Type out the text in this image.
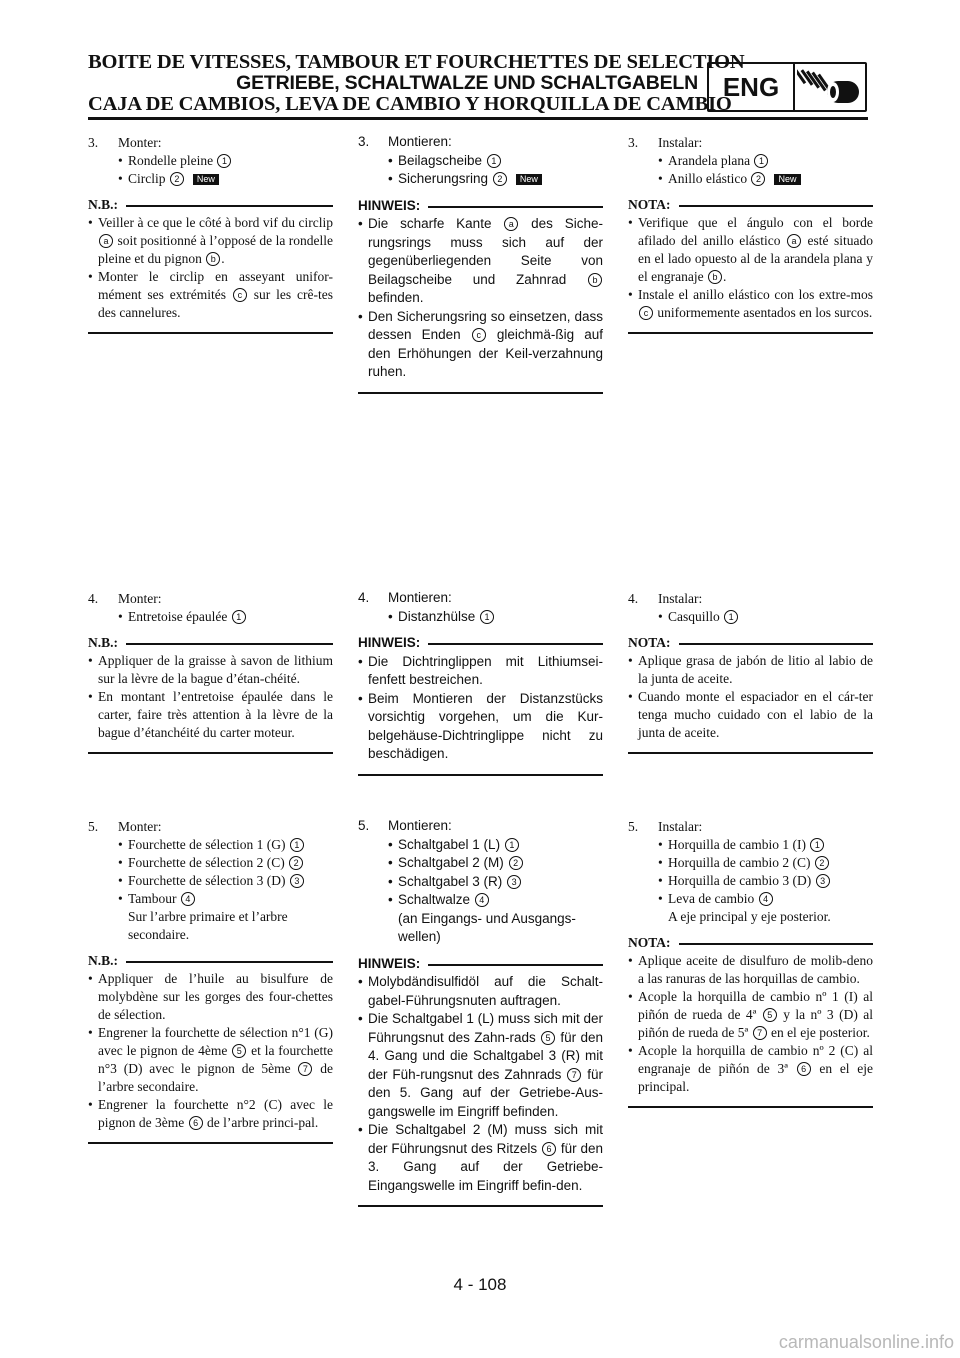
BOITE DE VITESSES, TAMBOUR ET FOURCHETTES DE SELECTION
GETRIEBE, SCHALTWALZE UND SCHALTGABELN
CAJA DE CAMBIOS, LEVA DE CAMBIO Y HORQUILLA DE CAMBIO
ENG
3.	Monter:
• Rondelle pleine 1
• Circlip 2 New
N.B.:
• Veiller à ce que le côté à bord vif du circlip a soit positionné à l’opposé de la rondelle pleine et du pignon b .
• Monter le circlip en asseyant unifor-mément ses extrémités c sur les crê-tes des cannelures.
4.	Monter:
• Entretoise épaulée 1
N.B.:
• Appliquer de la graisse à savon de lithium sur la lèvre de la bague d’étan-chéité.
• En montant l’entretoise épaulée dans le carter, faire très attention à la lèvre de la bague d’étanchéité du carter moteur.
5.	Monter:
• Fourchette de sélection 1 (G) 1
• Fourchette de sélection 2 (C) 2
• Fourchette de sélection 3 (D) 3
• Tambour 4
Sur l’arbre primaire et l’arbre secondaire.
N.B.:
• Appliquer de l’huile au bisulfure de molybdène sur les gorges des four-chettes de sélection.
• Engrener la fourchette de sélection n°1 (G) avec le pignon de 4ème 5 et la fourchette n°3 (D) avec le pignon de 5ème 7 de l’arbre secondaire.
• Engrener la fourchette n°2 (C) avec le pignon de 3ème 6 de l’arbre princi-pal.
3.	Montieren:
• Beilagscheibe 1
• Sicherungsring 2 New
HINWEIS:
• Die scharfe Kante a des Siche-rungsrings muss sich auf der gegenüberliegenden Seite von Beilagscheibe und Zahnrad	b befinden.
• Den Sicherungsring so einsetzen, dass dessen Enden c gleichmä-ßig auf den Erhöhungen der Keil-verzahnung ruhen.
4.	Montieren:
• Distanzhülse 1
HINWEIS:
• Die Dichtringlippen mit Lithiumsei-fenfett bestreichen.
• Beim Montieren der Distanzstücks vorsichtig vorgehen, um die Kur-belgehäuse-Dichtringlippe nicht zu beschädigen.
5.	Montieren:
• Schaltgabel 1 (L) 1
• Schaltgabel 2 (M) 2
• Schaltgabel 3 (R) 3
• Schaltwalze 4
(an Eingangs- und Ausgangs-wellen)
HINWEIS:
• Molybdändisulfidöl auf die Schalt-gabel-Führungsnuten auftragen.
• Die Schaltgabel 1 (L) muss sich mit der Führungsnut des Zahn-rads 5 für den 4. Gang und die Schaltgabel 3 (R) mit der Füh-rungsnut des Zahnrads 7 für den 5. Gang auf der Getriebe-Aus-gangswelle im Eingriff befinden.
• Die Schaltgabel 2 (M) muss sich mit der Führungsnut des Ritzels 6 für den 3. Gang auf der Getriebe-Eingangswelle im Eingriff befin-den.
3.	Instalar:
• Arandela plana 1
• Anillo elástico 2 New
NOTA:
• Verifique que el ángulo con el borde afilado del anillo elástico a esté situado en el lado opuesto al de la arandela plana y el engranaje b .
• Instale el anillo elástico con los extre-mos c uniformemente asentados en los surcos.
4.	Instalar:
• Casquillo 1
NOTA:
• Aplique grasa de jabón de litio al labio de la junta de aceite.
• Cuando monte el espaciador en el cár-ter tenga mucho cuidado con el labio de la junta de aceite.
5.	Instalar:
• Horquilla de cambio 1 (I) 1
• Horquilla de cambio 2 (C) 2
• Horquilla de cambio 3 (D) 3
• Leva de cambio 4
A eje principal y eje posterior.
NOTA:
• Aplique aceite de disulfuro de molib-deno a las ranuras de las horquillas de cambio.
• Acople la horquilla de cambio nº 1 (I) al piñón de rueda de 4ª 5 y la nº 3 (D) al piñón de rueda de 5ª 7 en el eje posterior.
• Acople la horquilla de cambio nº 2 (C) al engranaje de piñón de 3ª 6 en el eje principal.
4 - 108
carmanualsonline.info
